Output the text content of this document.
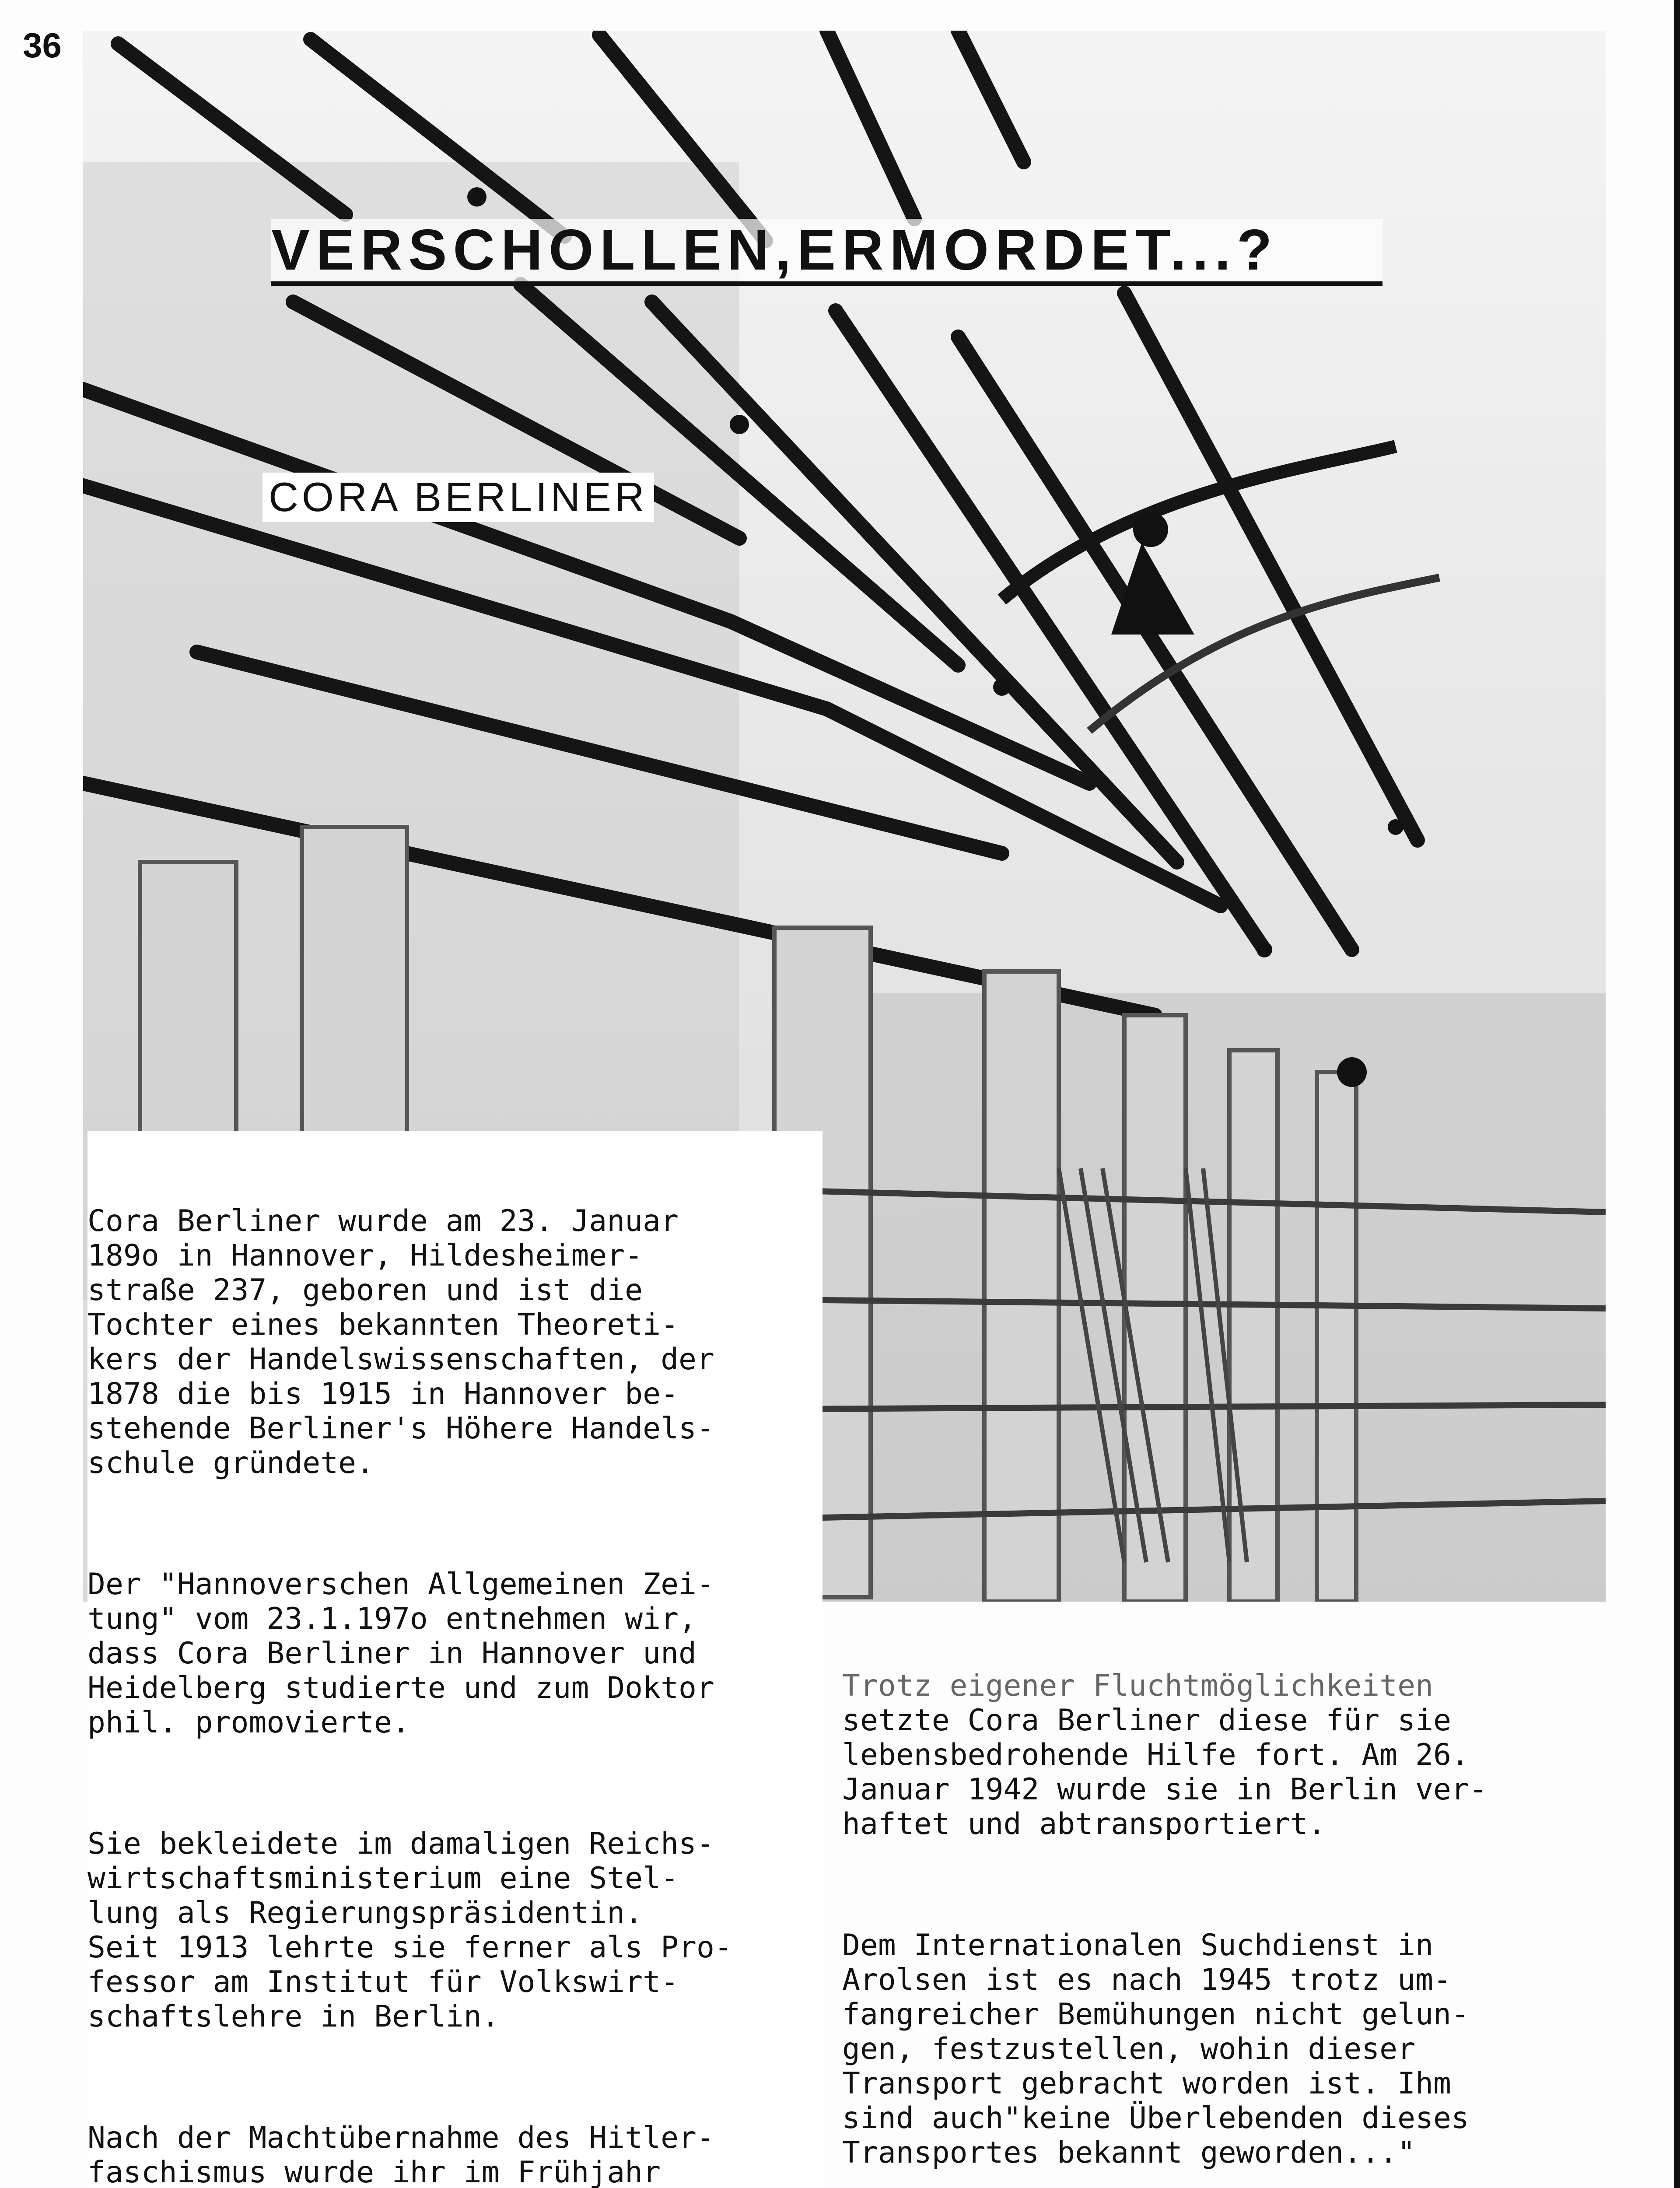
36
VERSCHOLLEN,ERMORDET...?
CORA BERLINER

Cora Berliner wurde am 23. Januar
189o in Hannover, Hildesheimer-
straße 237, geboren und ist die
Tochter eines bekannten Theoreti-
kers der Handelswissenschaften, der
1878 die bis 1915 in Hannover be-
stehende Berliner's Höhere Handels-
schule gründete.

Der "Hannoverschen Allgemeinen Zei-
tung" vom 23.1.197o entnehmen wir,
dass Cora Berliner in Hannover und
Heidelberg studierte und zum Doktor
phil. promovierte.

Sie bekleidete im damaligen Reichs-
wirtschaftsministerium eine Stel-
lung als Regierungspräsidentin.
Seit 1913 lehrte sie ferner als Pro-
fessor am Institut für Volkswirt-
schaftslehre in Berlin.

Nach der Machtübernahme des Hitler-
faschismus wurde ihr im Frühjahr

Trotz eigener Fluchtmöglichkeiten
setzte Cora Berliner diese für sie
lebensbedrohende Hilfe fort. Am 26.
Januar 1942 wurde sie in Berlin ver-
haftet und abtransportiert.

Dem Internationalen Suchdienst in
Arolsen ist es nach 1945 trotz um-
fangreicher Bemühungen nicht gelun-
gen, festzustellen, wohin dieser
Transport gebracht worden ist. Ihm
sind auch"keine Überlebenden dieses
Transportes bekannt geworden..."
